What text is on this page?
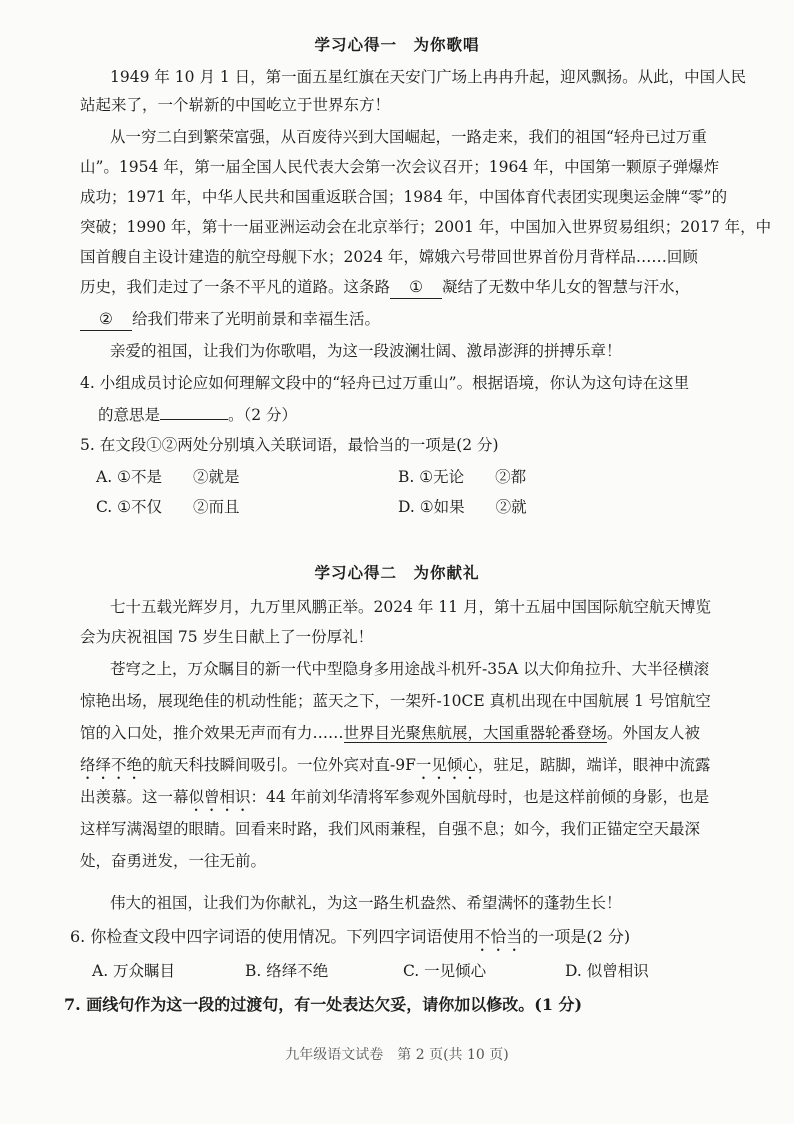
学习心得一　为你歌唱
1949 年 10 月 1 日，第一面五星红旗在天安门广场上冉冉升起，迎风飘扬。从此，中国人民
站起来了，一个崭新的中国屹立于世界东方！
从一穷二白到繁荣富强，从百废待兴到大国崛起，一路走来，我们的祖国“轻舟已过万重
山”。1954 年，第一届全国人民代表大会第一次会议召开；1964 年，中国第一颗原子弹爆炸
成功；1971 年，中华人民共和国重返联合国；1984 年，中国体育代表团实现奥运金牌“零”的
突破；1990 年，第十一届亚洲运动会在北京举行；2001 年，中国加入世界贸易组织；2017 年，中
国首艘自主设计建造的航空母舰下水；2024 年，嫦娥六号带回世界首份月背样品……回顾
历史，我们走过了一条不平凡的道路。这条路 ① 凝结了无数中华儿女的智慧与汗水，
② 给我们带来了光明前景和幸福生活。
亲爱的祖国，让我们为你歌唱，为这一段波澜壮阔、激昂澎湃的拼搏乐章！
4. 小组成员讨论应如何理解文段中的“轻舟已过万重山”。根据语境，你认为这句诗在这里
的意思是	。（2 分）
5. 在文段①②两处分别填入关联词语，最恰当的一项是(2 分)
A. ①不是　　②就是	B. ①无论　　②都
C. ①不仅　　②而且	D. ①如果　　②就
学习心得二　为你献礼
七十五载光辉岁月，九万里风鹏正举。2024 年 11 月，第十五届中国国际航空航天博览
会为庆祝祖国 75 岁生日献上了一份厚礼！
苍穹之上，万众瞩目的新一代中型隐身多用途战斗机歼-35A 以大仰角拉升、大半径横滚
惊艳出场，展现绝佳的机动性能；蓝天之下，一架歼-10CE 真机出现在中国航展 1 号馆航空
馆的入口处，推介效果无声而有力……世界目光聚焦航展，大国重器轮番登场。外国友人被
络绎不绝的航天科技瞬间吸引。一位外宾对直-9F一见倾心，驻足，踮脚，端详，眼神中流露
出羡慕。这一幕似曾相识：44 年前刘华清将军参观外国航母时，也是这样前倾的身影，也是
这样写满渴望的眼睛。回看来时路，我们风雨兼程，自强不息；如今，我们正锚定空天最深
处，奋勇迸发，一往无前。
伟大的祖国，让我们为你献礼，为这一路生机盎然、希望满怀的蓬勃生长！
6. 你检查文段中四字词语的使用情况。下列四字词语使用不恰当的一项是(2 分)
A. 万众瞩目	B. 络绎不绝	C. 一见倾心	D. 似曾相识
7. 画线句作为这一段的过渡句，有一处表达欠妥，请你加以修改。(1 分)
九年级语文试卷　第 2 页(共 10 页)
